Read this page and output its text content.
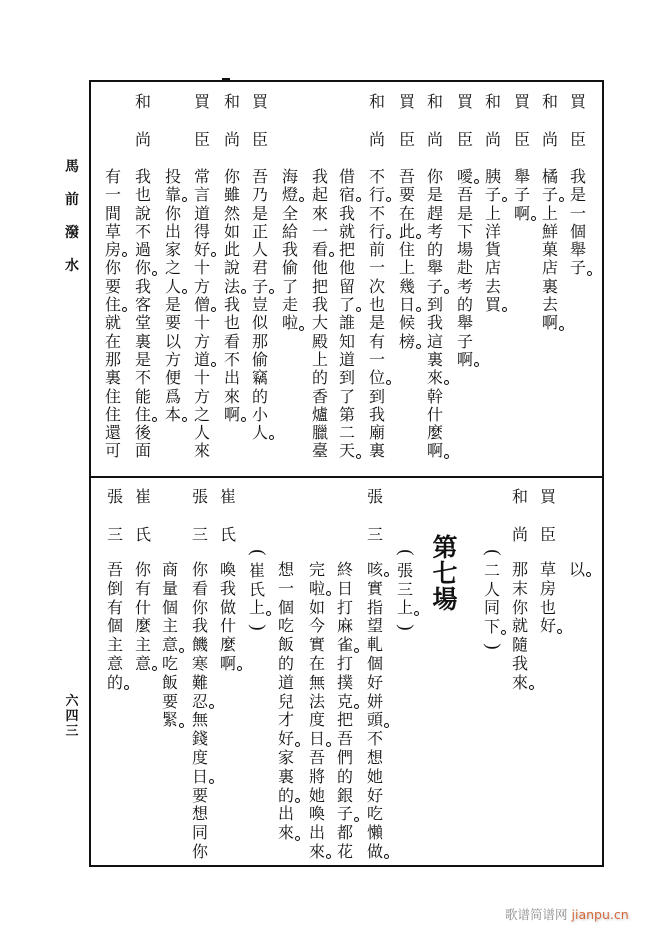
馬
前
潑
水
六
四
三
買
臣
我
是
一
個
舉
子
和
尚
橘
子
上
鮮
菓
店
裏
去
啊
買
臣
舉
子
啊
和
尚
胰
子
上
洋
貨
店
去
買
買
臣
噯
吾
是
下
場
赴
考
的
舉
子
啊
和
尚
你
是
趕
考
的
舉
子
到
我
這
裏
來
幹
什
麼
啊
買
臣
吾
要
在
此
住
上
幾
日
候
榜
和
尚
不
行
不
行
前
一
次
也
是
有
一
位
到
我
廟
裏
借
宿
我
就
把
他
留
了
誰
知
道
到
了
第
二
天
我
起
來
一
看
他
把
我
大
殿
上
的
香
爐
臘
臺
海
燈
全
給
我
偷
了
走
啦
買
臣
吾
乃
是
正
人
君
子
豈
似
那
偷
竊
的
小
人
和
尚
你
雖
然
如
此
說
法
我
也
看
不
出
來
啊
買
臣
常
言
道
得
好
十
方
僧
十
方
道
十
方
之
人
來
投
靠
你
出
家
之
人
是
要
以
方
便
爲
本
和
尚
我
也
說
不
過
你
我
客
堂
裏
是
不
能
住
後
面
有
一
間
草
房
你
要
住
就
在
那
裏
住
住
還
可
以
買
臣
草
房
也
好
和
尚
那
末
你
就
隨
我
來
(
二
人
同
下
)
第
七
場
(
張
三
上
)
張
三
咳
實
指
望
軋
個
好
姘
頭
不
想
她
好
吃
懶
做
終
日
打
麻
雀
打
撲
克
把
吾
們
的
銀
子
都
花
完
啦
如
今
實
在
無
法
度
日
吾
將
她
喚
出
來
想
一
個
吃
飯
的
道
兒
才
好
家
裏
的
出
來
(
崔
氏
上
)
崔
氏
喚
我
做
什
麼
啊
張
三
你
看
你
我
饑
寒
難
忍
無
錢
度
日
要
想
同
你
商
量
個
主
意
吃
飯
要
緊
崔
氏
你
有
什
麼
主
意
張
三
吾
倒
有
個
主
意
的
歌谱简谱网 jianpu.cn
